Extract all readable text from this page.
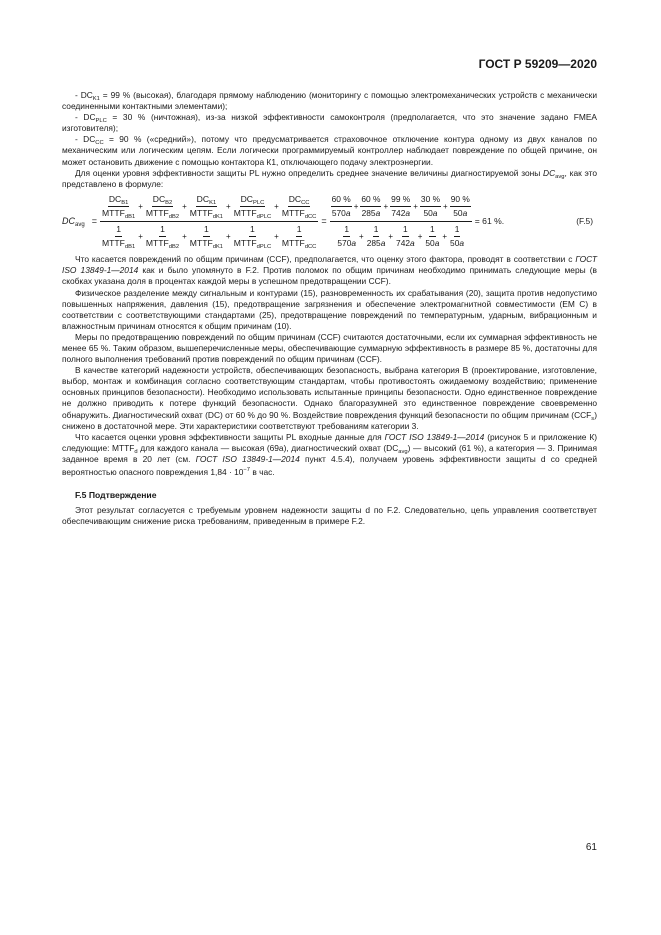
ГОСТ Р 59209—2020

- $DC_{K1} = 99$ % (высокая), благодаря прямому наблюдению (мониторингу с помощью электромеханических устройств с механически соединенными контактными элементами);

- $DC_{PLC} = 30$ % (ничтожная), из-за низкой эффективности самоконтроля (предполагается, что это значение задано FMEA изготовителя);

- $DC_{CC} = 90$ % («средний»), потому что предусматривается страховочное отключение контура одному из двух каналов по механическим или логическим цепям. Если логически программируемый контроллер наблюдает повреждение по общей причине, он может остановить движение с помощью контактора К1, отключающего подачу электроэнергии.

Для оценки уровня эффективности защиты PL нужно определить среднее значение величины диагностируемой зоны $DC_{avg}$, как это представлено в формуле:

$DC_{avg}$ =
$\frac{DC_{B1}}{MTTF_{dB1}} + \frac{DC_{B2}}{MTTF_{dB2}} + \frac{DC_{K1}}{MTTF_{dK1}} + \frac{DC_{PLC}}{MTTF_{dPLC}} + \frac{DC_{CC}}{MTTF_{dCC}}$
$\frac{1}{MTTF_{dB1}} + \frac{1}{MTTF_{dB2}} + \frac{1}{MTTF_{dK1}} + \frac{1}{MTTF_{dPLC}} + \frac{1}{MTTF_{dCC}}$
= $\frac{\frac{60 \%}{570a} + \frac{60 \%}{285a} + \frac{99 \%}{742a} + \frac{30 \%}{50a} + \frac{90 \%}{50a}}{\frac{1}{570a} + \frac{1}{285a} + \frac{1}{742a} + \frac{1}{50a} + \frac{1}{50a}} = 61$ %.	(F.5)

Что касается повреждений по общим причинам (CCF), предполагается, что оценку этого фактора, проводят в соответствии с ГОСТ ISO 13849-1—2014 как и было упомянуто в F.2. Против поломок по общим причинам необходимо принимать следующие меры (в скобках указана доля в процентах каждой меры в успешном предотвращении CCF).

Физическое разделение между сигнальным и контурами (15), разновременность их срабатывания (20), защита против недопустимо повышенных напряжения, давления (15), предотвращение загрязнения и обеспечение электромагнитной совместимости (EM C) в соответствии с соответствующими стандартами (25), предотвращение повреждений по температурным, ударным, вибрационным и влажностным причинам относятся к общим причинам (10).

Меры по предотвращению повреждений по общим причинам (CCF) считаются достаточными, если их суммарная эффективность не менее 65 %. Таким образом, вышеперечисленные меры, обеспечивающие суммарную эффективность в размере 85 %, достаточны для полного выполнения требований против повреждений по общим причинам (CCF).

В качестве категорий надежности устройств, обеспечивающих безопасность, выбрана категория В (проектирование, изготовление, выбор, монтаж и комбинация согласно соответствующим стандартам, чтобы противостоять ожидаемому воздействию; применение основных принципов безопасности). Необходимо использовать испытанные принципы безопасности. Одно единственное повреждение не должно приводить к потере функций безопасности. Однако благоразумней это единственное повреждение своевременно обнаружить. Диагностический охват (DC) от 60 % до 90 %. Воздействие повреждения функций безопасности по общим причинам $(CCF_s)$ снижено в достаточной мере. Эти характеристики соответствуют требованиям категории 3.

Что касается оценки уровня эффективности защиты PL входные данные для ГОСТ ISO 13849-1—2014 (рисунок 5 и приложение К) следующие: $MTTF_d$ для каждого канала — высокая (69a), диагностический охват $(DC_{avg})$ — высокий (61 %), а категория — 3. Принимая заданное время в 20 лет (см. ГОСТ ISO 13849-1—2014 пункт 4.5.4), получаем уровень эффективности защиты d со средней вероятностью опасного повреждения $1,84 \cdot 10^{-7}$ в час.

F.5 Подтверждение

Этот результат согласуется с требуемым уровнем надежности защиты d по F.2. Следовательно, цепь управления соответствует обеспечивающим снижение риска требованиям, приведенным в примере F.2.

61
